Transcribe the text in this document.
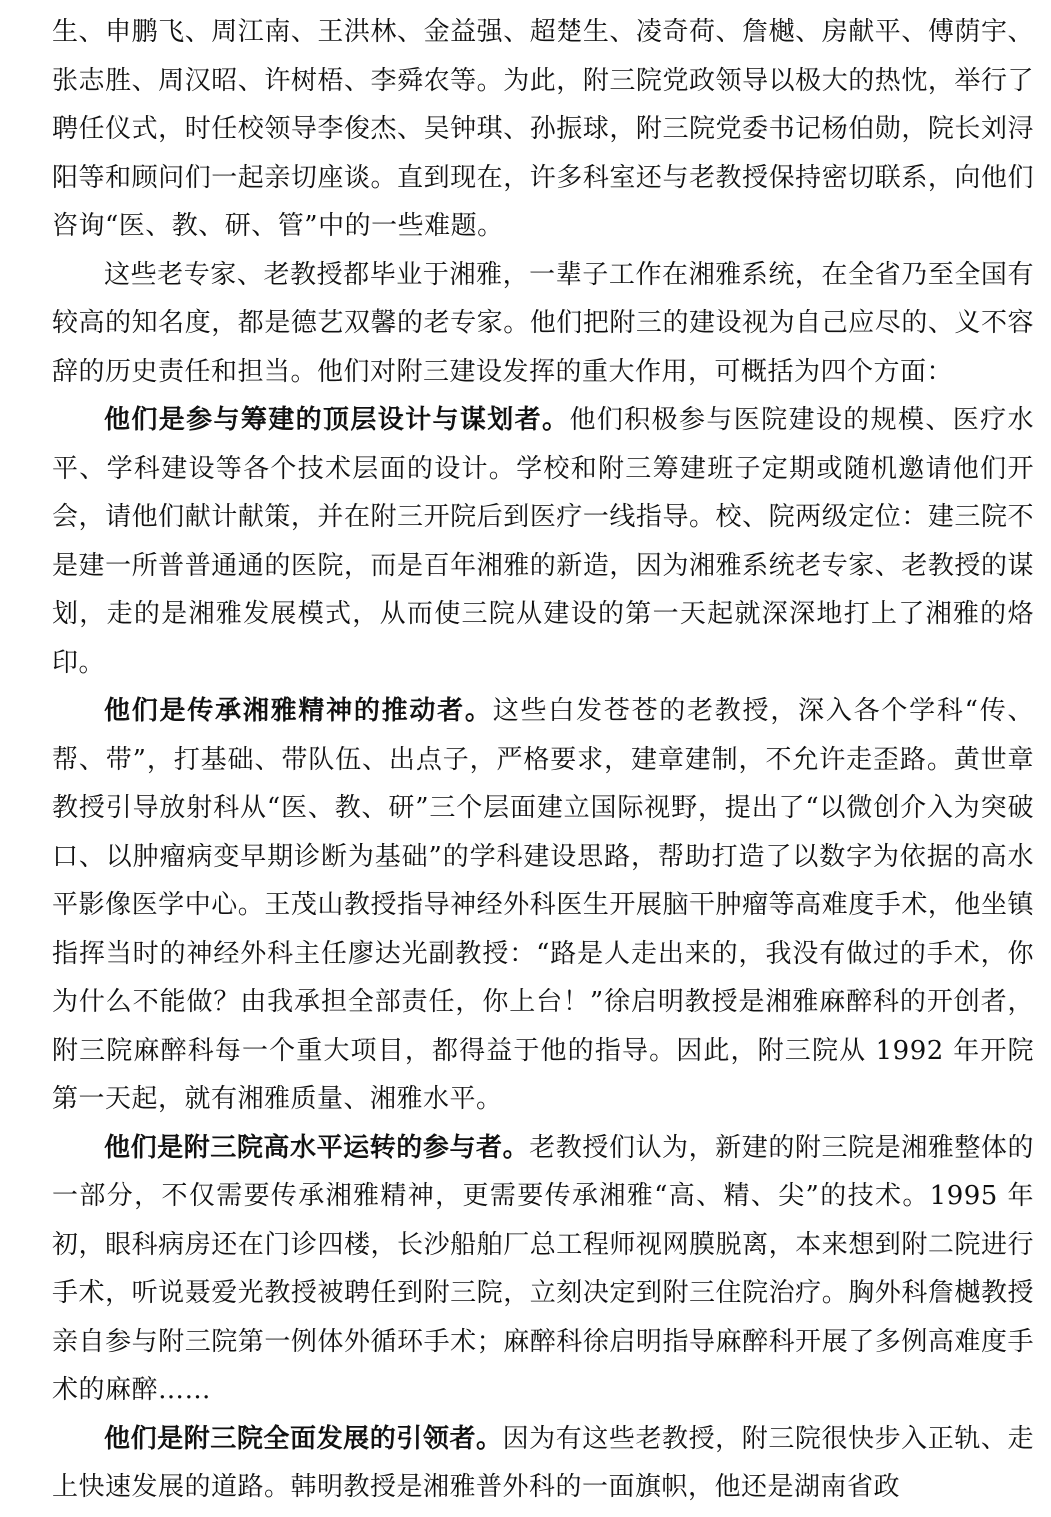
生、申鹏飞、周江南、王洪林、金益强、超楚生、凌奇荷、詹樾、房献平、傅荫宇、张志胜、周汉昭、许树梧、李舜农等。为此，附三院党政领导以极大的热忱，举行了聘任仪式，时任校领导李俊杰、吴钟琪、孙振球，附三院党委书记杨伯勋，院长刘浔阳等和顾问们一起亲切座谈。直到现在，许多科室还与老教授保持密切联系，向他们咨询“医、教、研、管”中的一些难题。

这些老专家、老教授都毕业于湘雅，一辈子工作在湘雅系统，在全省乃至全国有较高的知名度，都是德艺双馨的老专家。他们把附三的建设视为自己应尽的、义不容辞的历史责任和担当。他们对附三建设发挥的重大作用，可概括为四个方面：

他们是参与筹建的顶层设计与谋划者。他们积极参与医院建设的规模、医疗水平、学科建设等各个技术层面的设计。学校和附三筹建班子定期或随机邀请他们开会，请他们献计献策，并在附三开院后到医疗一线指导。校、院两级定位：建三院不是建一所普普通通的医院，而是百年湘雅的新造，因为湘雅系统老专家、老教授的谋划，走的是湘雅发展模式，从而使三院从建设的第一天起就深深地打上了湘雅的烙印。

他们是传承湘雅精神的推动者。这些白发苍苍的老教授，深入各个学科“传、帮、带”，打基础、带队伍、出点子，严格要求，建章建制，不允许走歪路。黄世章教授引导放射科从“医、教、研”三个层面建立国际视野，提出了“以微创介入为突破口、以肿瘤病变早期诊断为基础”的学科建设思路，帮助打造了以数字为依据的高水平影像医学中心。王茂山教授指导神经外科医生开展脑干肿瘤等高难度手术，他坐镇指挥当时的神经外科主任廖达光副教授：“路是人走出来的，我没有做过的手术，你为什么不能做？由我承担全部责任，你上台！”徐启明教授是湘雅麻醉科的开创者，附三院麻醉科每一个重大项目，都得益于他的指导。因此，附三院从 1992 年开院第一天起，就有湘雅质量、湘雅水平。

他们是附三院高水平运转的参与者。老教授们认为，新建的附三院是湘雅整体的一部分，不仅需要传承湘雅精神，更需要传承湘雅“高、精、尖”的技术。1995 年初，眼科病房还在门诊四楼，长沙船舶厂总工程师视网膜脱离，本来想到附二院进行手术，听说聂爱光教授被聘任到附三院，立刻决定到附三住院治疗。胸外科詹樾教授亲自参与附三院第一例体外循环手术；麻醉科徐启明指导麻醉科开展了多例高难度手术的麻醉……

他们是附三院全面发展的引领者。因为有这些老教授，附三院很快步入正轨、走上快速发展的道路。韩明教授是湘雅普外科的一面旗帜，他还是湖南省政
